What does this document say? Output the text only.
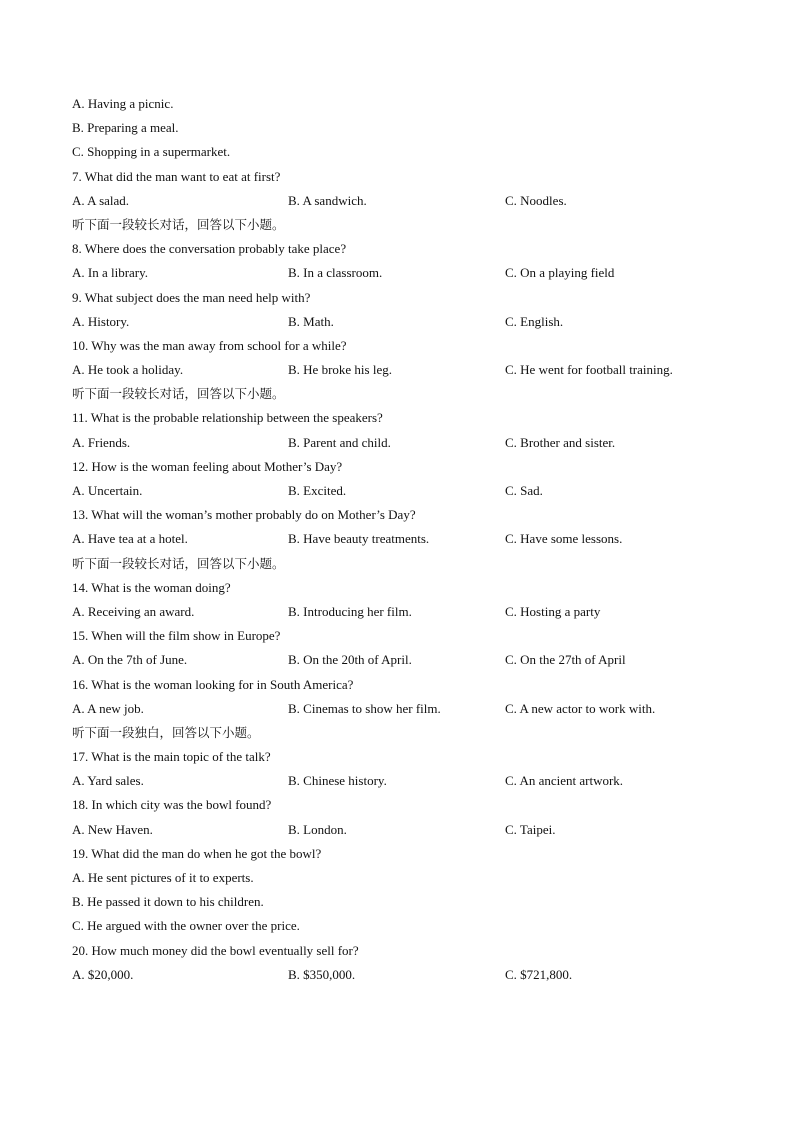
A. Having a picnic.
B. Preparing a meal.
C. Shopping in a supermarket.
7. What did the man want to eat at first?
A. A salad.	B. A sandwich.	C. Noodles.
听下面一段较长对话，回答以下小题。
8. Where does the conversation probably take place?
A. In a library.	B. In a classroom.	C. On a playing field
9. What subject does the man need help with?
A. History.	B. Math.	C. English.
10. Why was the man away from school for a while?
A. He took a holiday.	B. He broke his leg.	C. He went for football training.
听下面一段较长对话，回答以下小题。
11. What is the probable relationship between the speakers?
A. Friends.	B. Parent and child.	C. Brother and sister.
12. How is the woman feeling about Mother’s Day?
A. Uncertain.	B. Excited.	C. Sad.
13. What will the woman’s mother probably do on Mother’s Day?
A. Have tea at a hotel.	B. Have beauty treatments.	C. Have some lessons.
听下面一段较长对话，回答以下小题。
14. What is the woman doing?
A. Receiving an award.	B. Introducing her film.	C. Hosting a party
15. When will the film show in Europe?
A. On the 7th of June.	B. On the 20th of April.	C. On the 27th of April
16. What is the woman looking for in South America?
A. A new job.	B. Cinemas to show her film.	C. A new actor to work with.
听下面一段独白，回答以下小题。
17. What is the main topic of the talk?
A. Yard sales.	B. Chinese history.	C. An ancient artwork.
18. In which city was the bowl found?
A. New Haven.	B. London.	C. Taipei.
19. What did the man do when he got the bowl?
A. He sent pictures of it to experts.
B. He passed it down to his children.
C. He argued with the owner over the price.
20. How much money did the bowl eventually sell for?
A. $20,000.	B. $350,000.	C. $721,800.
